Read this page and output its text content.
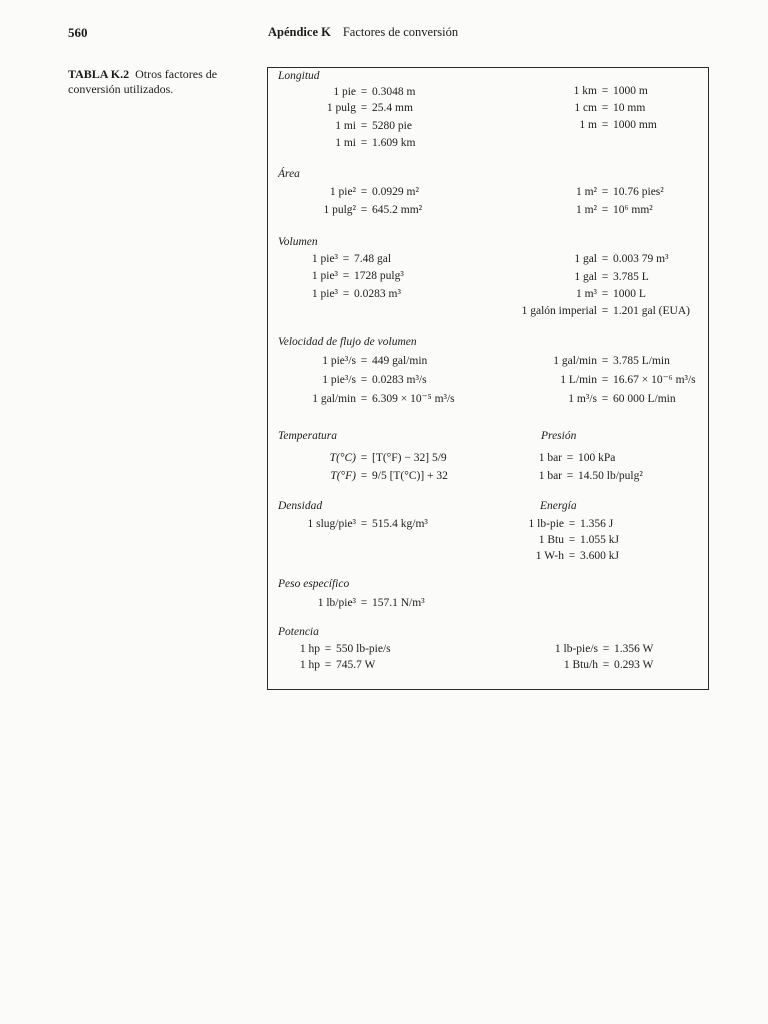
560	Apéndice K Factores de conversión
TABLA K.2 Otros factores de conversión utilizados.
Longitud
1 pie = 0.3048 m
1 pulg = 25.4 mm
1 mi = 5280 pie
1 mi = 1.609 km
1 km = 1000 m
1 cm = 10 mm
1 m = 1000 mm
Área
1 pie² = 0.0929 m²
1 pulg² = 645.2 mm²
1 m² = 10.76 pies²
1 m² = 10⁶ mm²
Volumen
1 pie³ = 7.48 gal
1 pie³ = 1728 pulg³
1 pie³ = 0.0283 m³
1 gal = 0.003 79 m³
1 gal = 3.785 L
1 m³ = 1000 L
1 galón imperial = 1.201 gal (EUA)
Velocidad de flujo de volumen
1 pie³/s = 449 gal/min
1 pie³/s = 0.0283 m³/s
1 gal/min = 6.309 × 10⁻⁵ m³/s
1 gal/min = 3.785 L/min
1 L/min = 16.67 × 10⁻⁶ m³/s
1 m³/s = 60 000 L/min
Temperatura
T(°C) = [T(°F) − 32] 5/9
T(°F) = 9/5 [T(°C)] + 32
Presión
1 bar = 100 kPa
1 bar = 14.50 lb/pulg²
Densidad
1 slug/pie³ = 515.4 kg/m³
Energía
1 lb-pie = 1.356 J
1 Btu = 1.055 kJ
1 W-h = 3.600 kJ
Peso específico
1 lb/pie³ = 157.1 N/m³
Potencia
1 hp = 550 lb-pie/s
1 hp = 745.7 W
1 lb-pie/s = 1.356 W
1 Btu/h = 0.293 W
